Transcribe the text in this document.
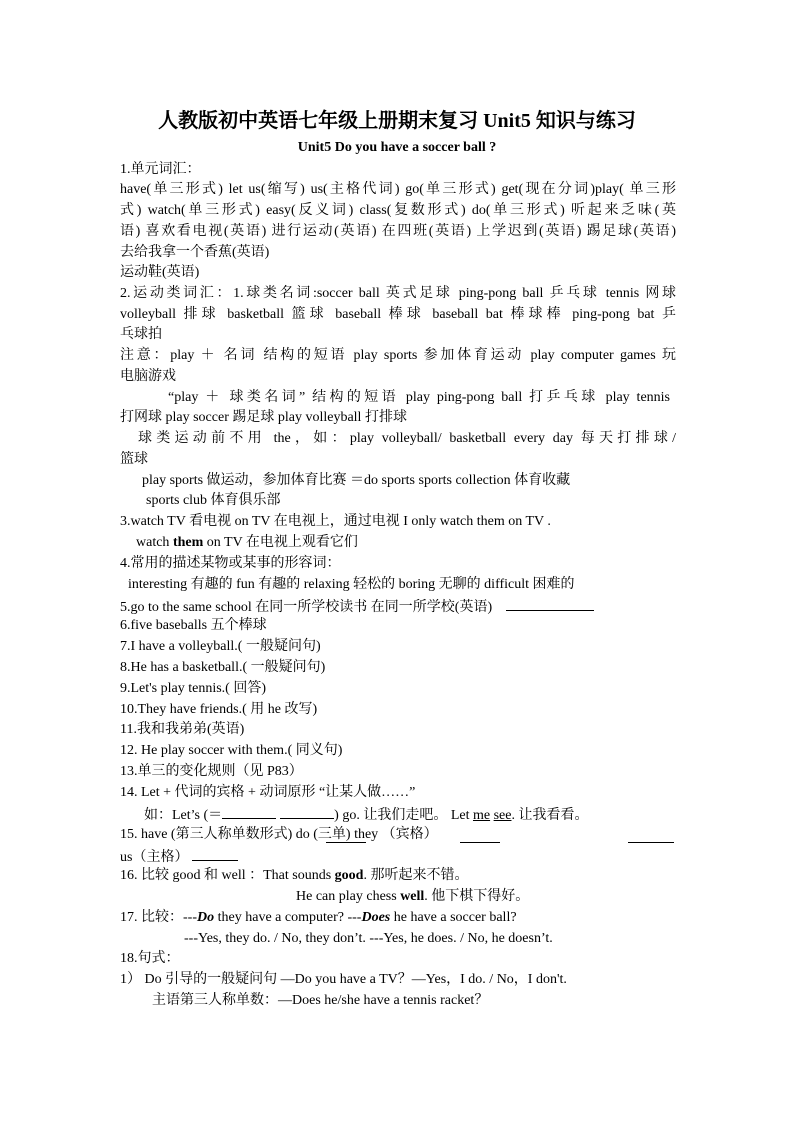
人教版初中英语七年级上册期末复习 Unit5 知识与练习
Unit5 Do you have a soccer ball ?
1.单元词汇：
have(单三形式) let us(缩写) us(主格代词) go(单三形式) get(现在分词)play( 单三形
式) watch(单三形式) easy(反义词) class(复数形式) do(单三形式) 听起来乏味(英
语) 喜欢看电视(英语) 进行运动(英语) 在四班(英语) 上学迟到(英语) 踢足球(英语)
去给我拿一个香蕉(英语)
运动鞋(英语)
2.运动类词汇：1.球类名词:soccer ball 英式足球 ping-pong ball 乒乓球 tennis 网球
volleyball 排球 basketball 篮球 baseball 棒球 baseball bat 棒球棒 ping-pong bat 乒
乓球拍
注意：play ＋ 名词 结构的短语 play sports 参加体育运动 play computer games 玩
电脑游戏
“play ＋ 球类名词” 结构的短语 play ping-pong ball 打乒乓球 play tennis
打网球 play soccer 踢足球 play volleyball 打排球
球类运动前不用 the，如：play volleyball/ basketball every day 每天打排球/
篮球
play sports 做运动，参加体育比赛 ＝do sports sports collection 体育收藏
sports club 体育俱乐部
3.watch TV 看电视 on TV 在电视上，通过电视 I only watch them on TV .
watch them on TV 在电视上观看它们
4.常用的描述某物或某事的形容词：
interesting 有趣的 fun 有趣的 relaxing 轻松的 boring 无聊的 difficult 困难的
5.go to the same school 在同一所学校读书 在同一所学校(英语)
6.five baseballs 五个棒球
7.I have a volleyball.( 一般疑问句)
8.He has a basketball.( 一般疑问句)
9.Let's play tennis.( 回答)
10.They have friends.( 用 he 改写)
11.我和我弟弟(英语)
12. He play soccer with them.( 同义句)
13.单三的变化规则（见 P83）
14. Let + 代词的宾格 + 动词原形 “让某人做……”
如：Let’s (＝	) go. 让我们走吧。 Let me see. 让我看看。
15. have (第三人称单数形式) do (三单) they （宾格）
us（主格）
16. 比较 good 和 well ：That sounds good. 那听起来不错。
He can play chess well. 他下棋下得好。
17. 比较：---Do they have a computer? ---Does he have a soccer ball?
---Yes, they do. / No, they don’t. ---Yes, he does. / No, he doesn’t.
18.句式：
1） Do 引导的一般疑问句 —Do you have a TV？—Yes，I do. / No，I don't.
主语第三人称单数：—Does he/she have a tennis racket？
